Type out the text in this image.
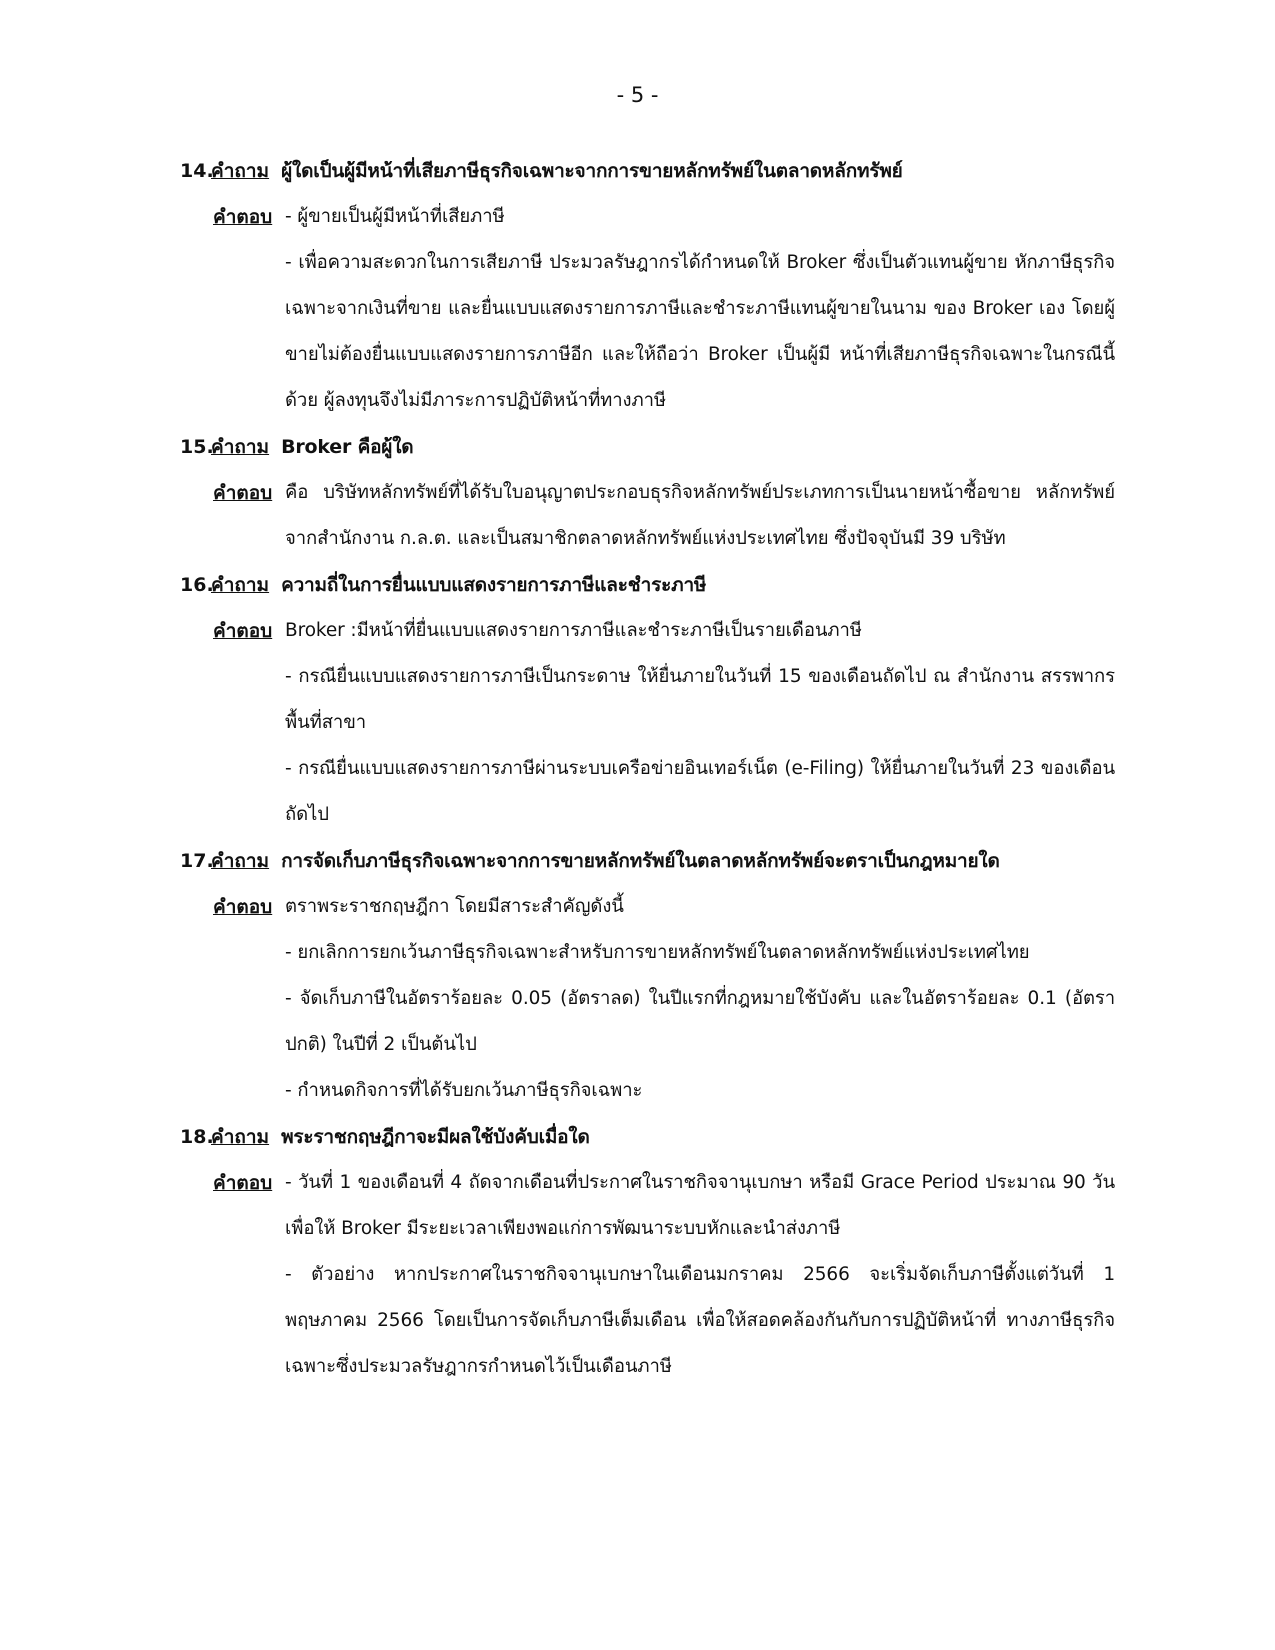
- 5 -
14.
คำถาม ผู้ใดเป็นผู้มีหน้าที่เสียภาษีธุรกิจเฉพาะจากการขายหลักทรัพย์ในตลาดหลักทรัพย์
คำตอบ - ผู้ขายเป็นผู้มีหน้าที่เสียภาษี

- เพื่อความสะดวกในการเสียภาษี ประมวลรัษฎากรได้กำหนดให้ Broker ซึ่งเป็นตัวแทนผู้ขาย หักภาษีธุรกิจเฉพาะจากเงินที่ขาย และยื่นแบบแสดงรายการภาษีและชำระภาษีแทนผู้ขายในนาม ของ Broker เอง โดยผู้ขายไม่ต้องยื่นแบบแสดงรายการภาษีอีก และให้ถือว่า Broker เป็นผู้มี หน้าที่เสียภาษีธุรกิจเฉพาะในกรณีนี้ด้วย ผู้ลงทุนจึงไม่มีภาระการปฏิบัติหน้าที่ทางภาษี

15.
คำถาม Broker คือผู้ใด
คำตอบ คือ บริษัทหลักทรัพย์ที่ได้รับใบอนุญาตประกอบธุรกิจหลักทรัพย์ประเภทการเป็นนายหน้าซื้อขาย หลักทรัพย์จากสำนักงาน ก.ล.ต. และเป็นสมาชิกตลาดหลักทรัพย์แห่งประเทศไทย ซึ่งปัจจุบันมี 39 บริษัท

16.
คำถาม ความถี่ในการยื่นแบบแสดงรายการภาษีและชำระภาษี
คำตอบ Broker :มีหน้าที่ยื่นแบบแสดงรายการภาษีและชำระภาษีเป็นรายเดือนภาษี

- กรณียื่นแบบแสดงรายการภาษีเป็นกระดาษ ให้ยื่นภายในวันที่ 15 ของเดือนถัดไป ณ สำนักงาน สรรพากรพื้นที่สาขา

- กรณียื่นแบบแสดงรายการภาษีผ่านระบบเครือข่ายอินเทอร์เน็ต (e-Filing) ให้ยื่นภายในวันที่ 23 ของเดือนถัดไป

17.
คำถาม การจัดเก็บภาษีธุรกิจเฉพาะจากการขายหลักทรัพย์ในตลาดหลักทรัพย์จะตราเป็นกฎหมายใด
คำตอบ ตราพระราชกฤษฎีกา โดยมีสาระสำคัญดังนี้

- ยกเลิกการยกเว้นภาษีธุรกิจเฉพาะสำหรับการขายหลักทรัพย์ในตลาดหลักทรัพย์แห่งประเทศไทย

- จัดเก็บภาษีในอัตราร้อยละ 0.05 (อัตราลด) ในปีแรกที่กฎหมายใช้บังคับ และในอัตราร้อยละ 0.1 (อัตราปกติ) ในปีที่ 2 เป็นต้นไป

- กำหนดกิจการที่ได้รับยกเว้นภาษีธุรกิจเฉพาะ

18.
คำถาม พระราชกฤษฎีกาจะมีผลใช้บังคับเมื่อใด
คำตอบ - วันที่ 1 ของเดือนที่ 4 ถัดจากเดือนที่ประกาศในราชกิจจานุเบกษา หรือมี Grace Period ประมาณ 90 วัน เพื่อให้ Broker มีระยะเวลาเพียงพอแก่การพัฒนาระบบหักและนำส่งภาษี

- ตัวอย่าง หากประกาศในราชกิจจานุเบกษาในเดือนมกราคม 2566 จะเริ่มจัดเก็บภาษีตั้งแต่วันที่ 1 พฤษภาคม 2566 โดยเป็นการจัดเก็บภาษีเต็มเดือน เพื่อให้สอดคล้องกันกับการปฏิบัติหน้าที่ ทางภาษีธุรกิจเฉพาะซึ่งประมวลรัษฎากรกำหนดไว้เป็นเดือนภาษี
